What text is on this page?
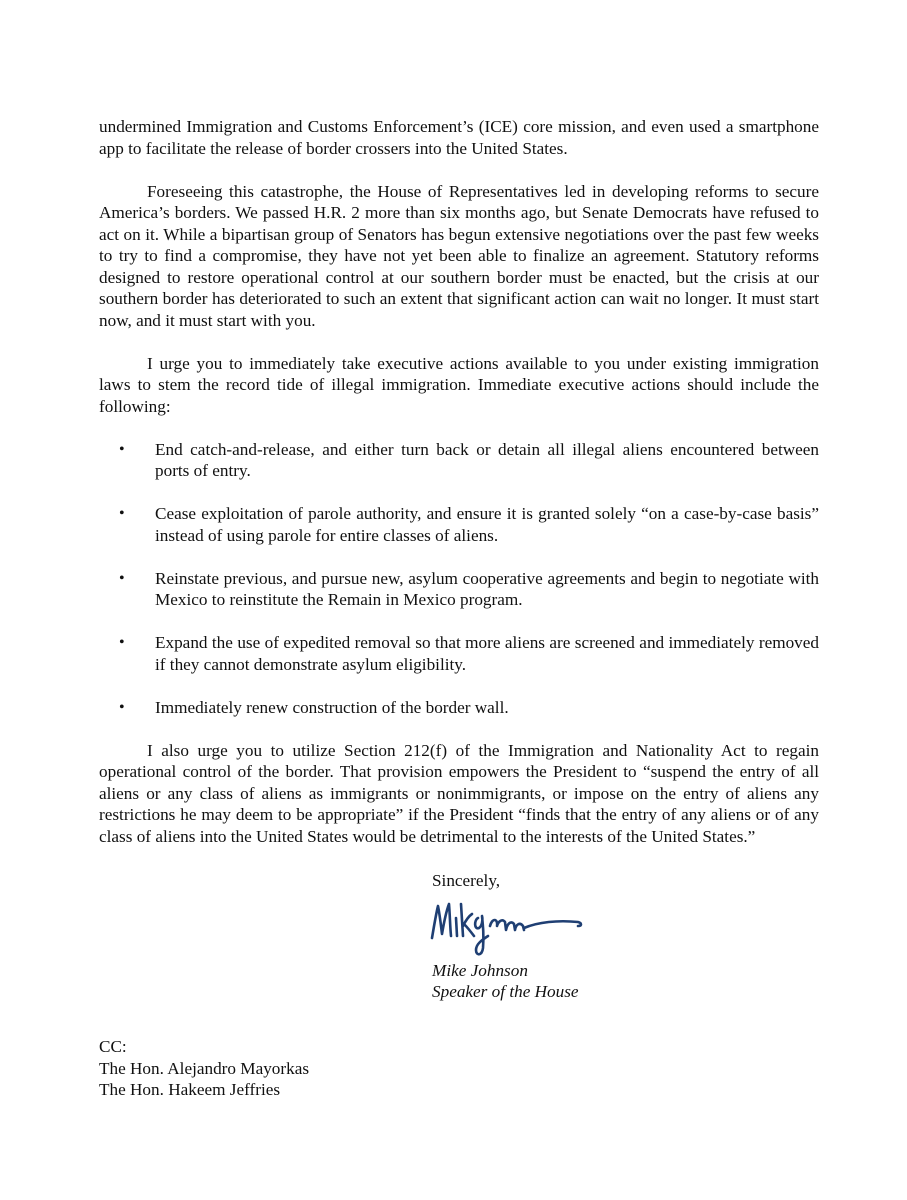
undermined Immigration and Customs Enforcement’s (ICE) core mission, and even used a smartphone app to facilitate the release of border crossers into the United States.

Foreseeing this catastrophe, the House of Representatives led in developing reforms to secure America’s borders. We passed H.R. 2 more than six months ago, but Senate Democrats have refused to act on it. While a bipartisan group of Senators has begun extensive negotiations over the past few weeks to try to find a compromise, they have not yet been able to finalize an agreement. Statutory reforms designed to restore operational control at our southern border must be enacted, but the crisis at our southern border has deteriorated to such an extent that significant action can wait no longer. It must start now, and it must start with you.

I urge you to immediately take executive actions available to you under existing immigration laws to stem the record tide of illegal immigration. Immediate executive actions should include the following:

• End catch-and-release, and either turn back or detain all illegal aliens encountered between ports of entry.
• Cease exploitation of parole authority, and ensure it is granted solely “on a case-by-case basis” instead of using parole for entire classes of aliens.
• Reinstate previous, and pursue new, asylum cooperative agreements and begin to negotiate with Mexico to reinstitute the Remain in Mexico program.
• Expand the use of expedited removal so that more aliens are screened and immediately removed if they cannot demonstrate asylum eligibility.
• Immediately renew construction of the border wall.

I also urge you to utilize Section 212(f) of the Immigration and Nationality Act to regain operational control of the border. That provision empowers the President to “suspend the entry of all aliens or any class of aliens as immigrants or nonimmigrants, or impose on the entry of aliens any restrictions he may deem to be appropriate” if the President “finds that the entry of any aliens or of any class of aliens into the United States would be detrimental to the interests of the United States.”

Sincerely,
Mike Johnson
Speaker of the House
CC:
The Hon. Alejandro Mayorkas
The Hon. Hakeem Jeffries
